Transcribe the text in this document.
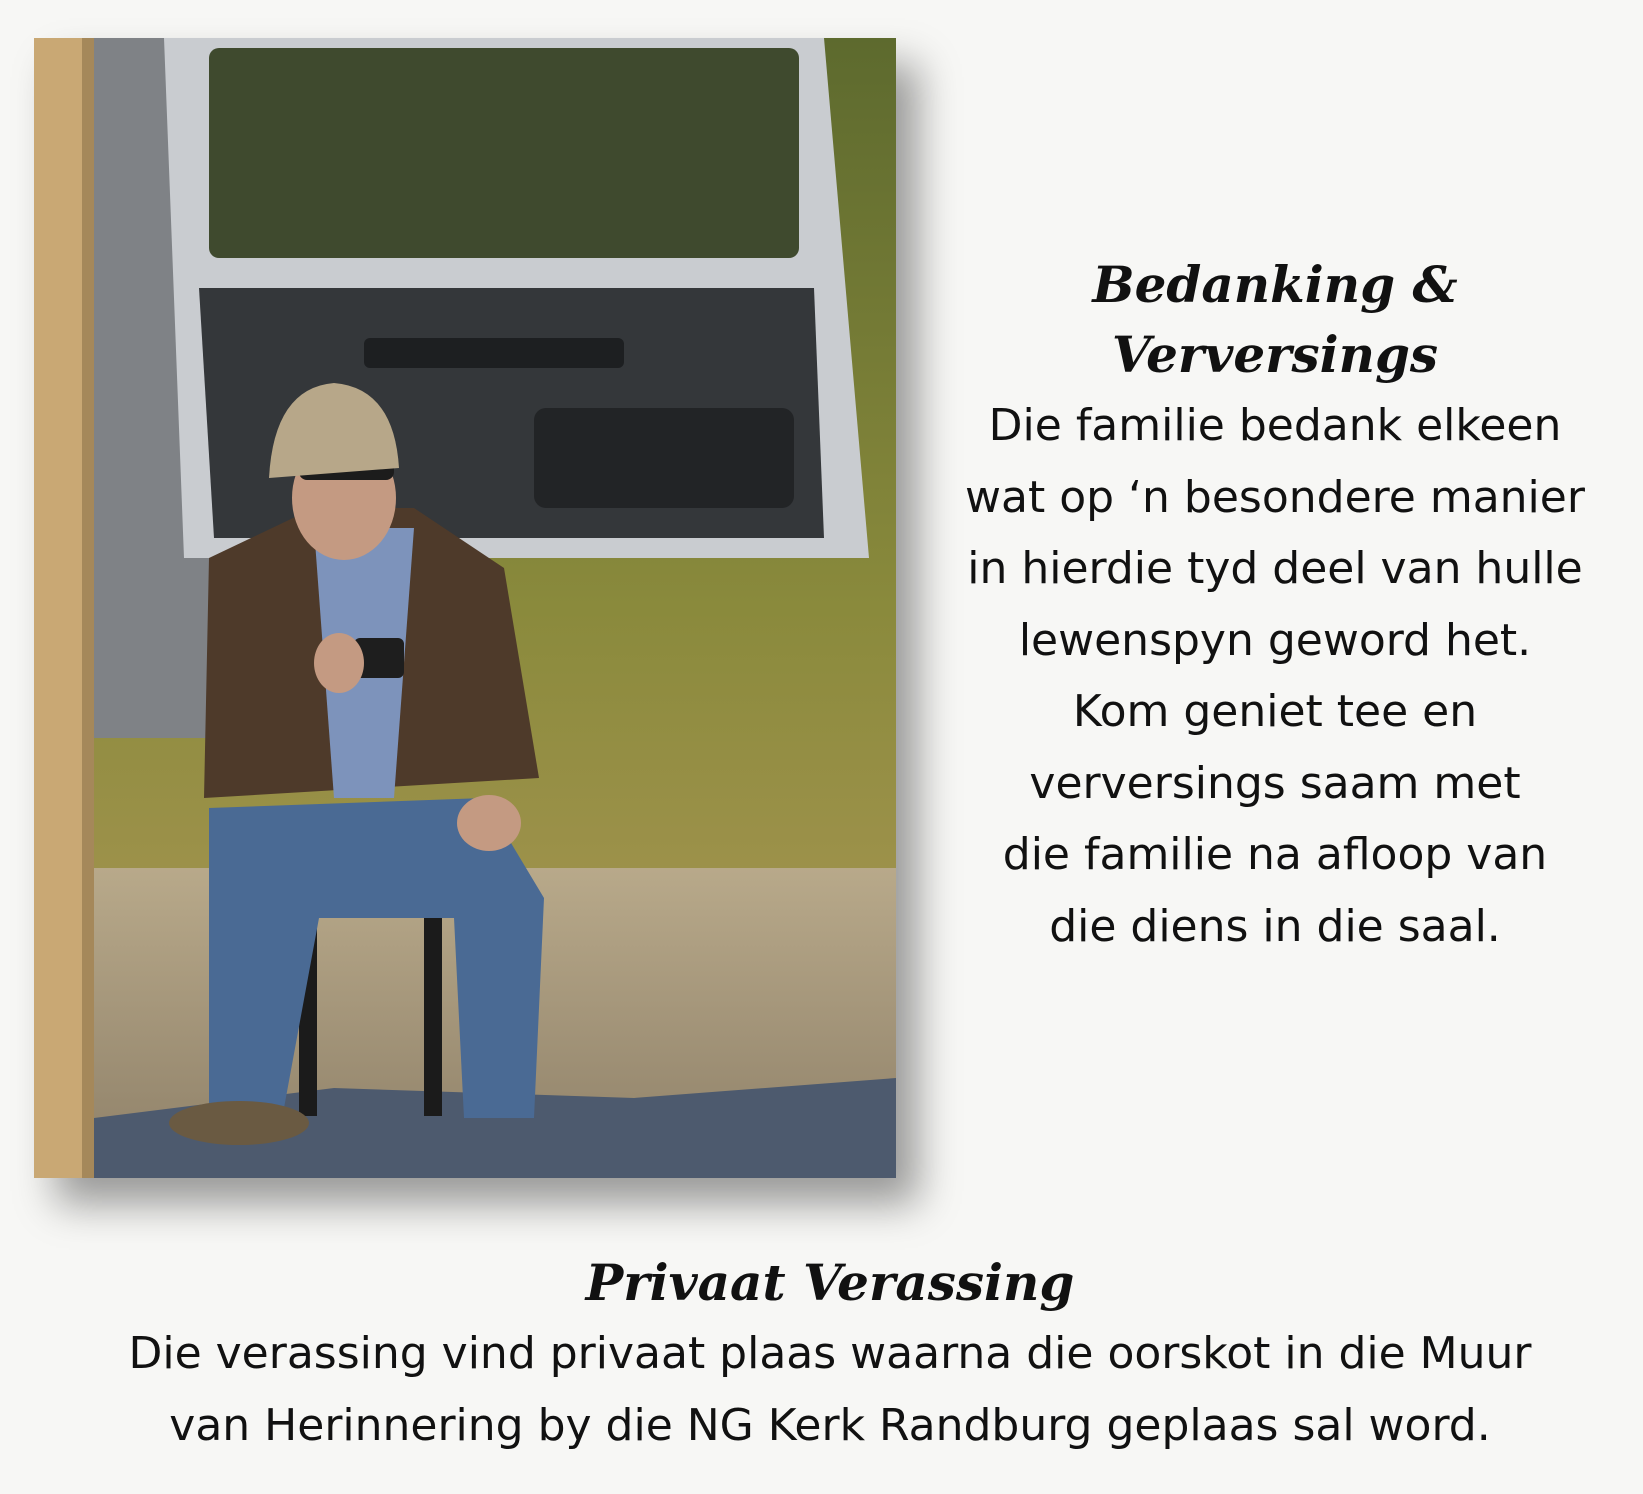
Bedanking & Verversings

Die familie bedank elkeen

wat op ‘n besondere manier

in hierdie tyd deel van hulle

lewenspyn geword het.

Kom geniet tee en

verversings saam met

die familie na afloop van

die diens in die saal.

Privaat Verassing

Die verassing vind privaat plaas waarna die oorskot in die Muur

van Herinnering by die NG Kerk Randburg geplaas sal word.
